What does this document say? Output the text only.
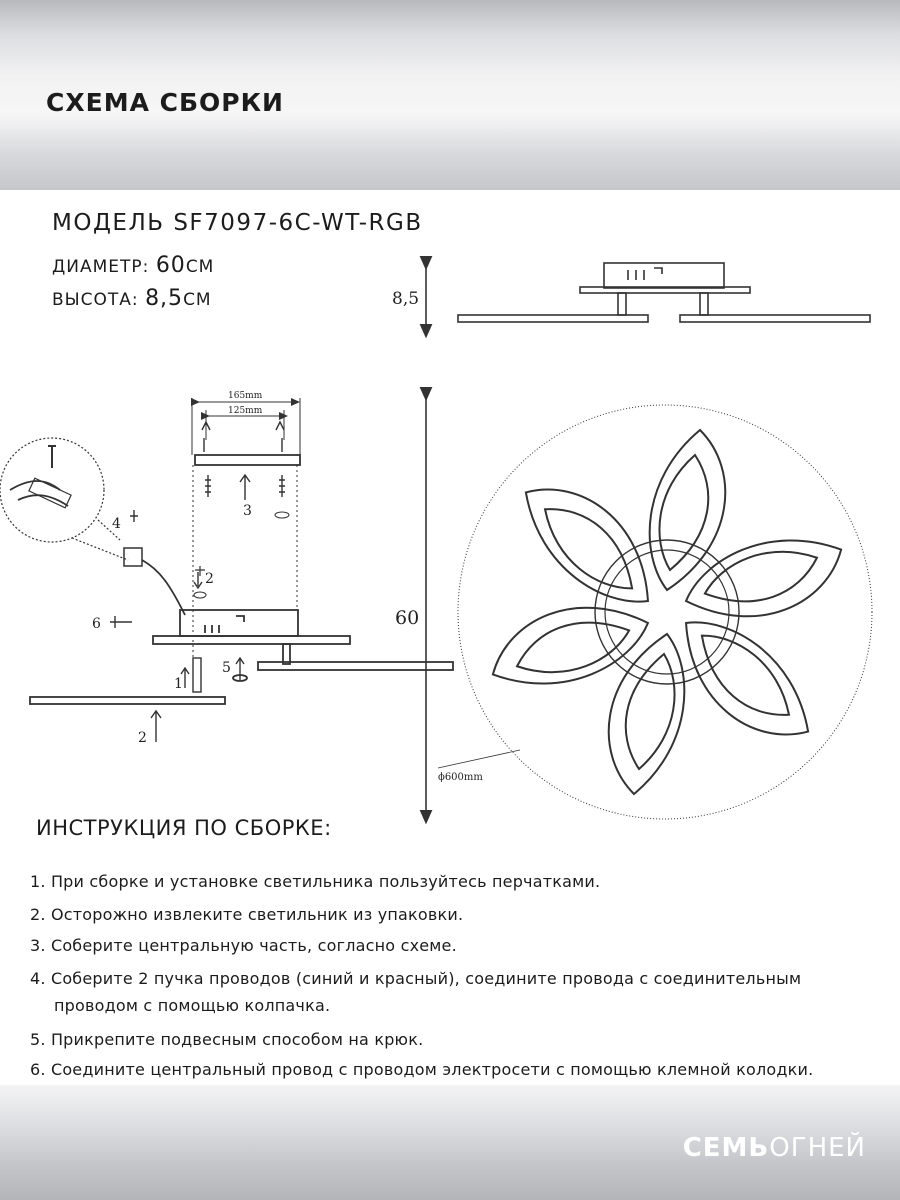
СХЕМА СБОРКИ
МОДЕЛЬ SF7097-6C-WT-RGB
ДИАМЕТР: 60СМ
ВЫСОТА: 8,5СМ	8,5
60
ϕ600mm
165mm
125mm
3
4
2
6
5
1
2
ИНСТРУКЦИЯ ПО СБОРКЕ:
1. При сборке и установке светильника пользуйтесь перчатками.
2. Осторожно извлеките светильник из упаковки.
3. Соберите центральную часть, согласно схеме.
4. Соберите 2 пучка проводов (синий и красный), соедините провода с соединительным
проводом с помощью колпачка.
5. Прикрепите подвесным способом на крюк.
6. Соедините центральный провод с проводом электросети с помощью клемной колодки.
СЕМЬОГНЕЙ
